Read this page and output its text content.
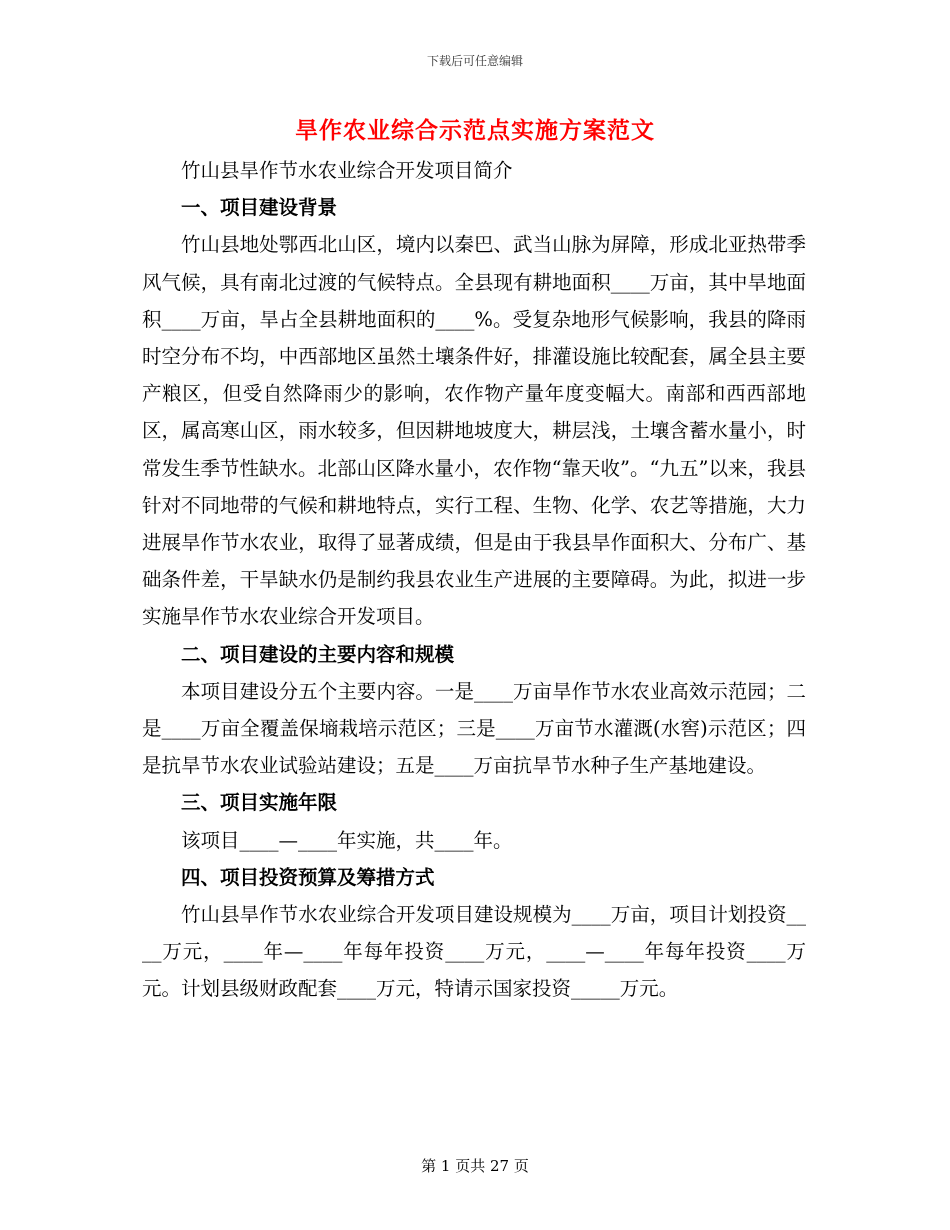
下载后可任意编辑
旱作农业综合示范点实施方案范文

竹山县旱作节水农业综合开发项目简介

一、项目建设背景

竹山县地处鄂西北山区，境内以秦巴、武当山脉为屏障，形成北亚热带季风气候，具有南北过渡的气候特点。全县现有耕地面积____万亩，其中旱地面积____万亩，旱占全县耕地面积的____%。受复杂地形气候影响，我县的降雨时空分布不均，中西部地区虽然土壤条件好，排灌设施比较配套，属全县主要产粮区，但受自然降雨少的影响，农作物产量年度变幅大。南部和西西部地区，属高寒山区，雨水较多，但因耕地坡度大，耕层浅，土壤含蓄水量小，时常发生季节性缺水。北部山区降水量小，农作物“靠天收”。“九五”以来，我县针对不同地带的气候和耕地特点，实行工程、生物、化学、农艺等措施，大力进展旱作节水农业，取得了显著成绩，但是由于我县旱作面积大、分布广、基础条件差，干旱缺水仍是制约我县农业生产进展的主要障碍。为此，拟进一步实施旱作节水农业综合开发项目。

二、项目建设的主要内容和规模

本项目建设分五个主要内容。一是____万亩旱作节水农业高效示范园；二是____万亩全覆盖保墒栽培示范区；三是____万亩节水灌溉(水窖)示范区；四是抗旱节水农业试验站建设；五是____万亩抗旱节水种子生产基地建设。

三、项目实施年限

该项目____—____年实施，共____年。

四、项目投资预算及筹措方式

竹山县旱作节水农业综合开发项目建设规模为____万亩，项目计划投资____万元，____年—____年每年投资____万元，____—____年每年投资____万元。计划县级财政配套____万元，特请示国家投资_____万元。

第 1 页共 27 页
